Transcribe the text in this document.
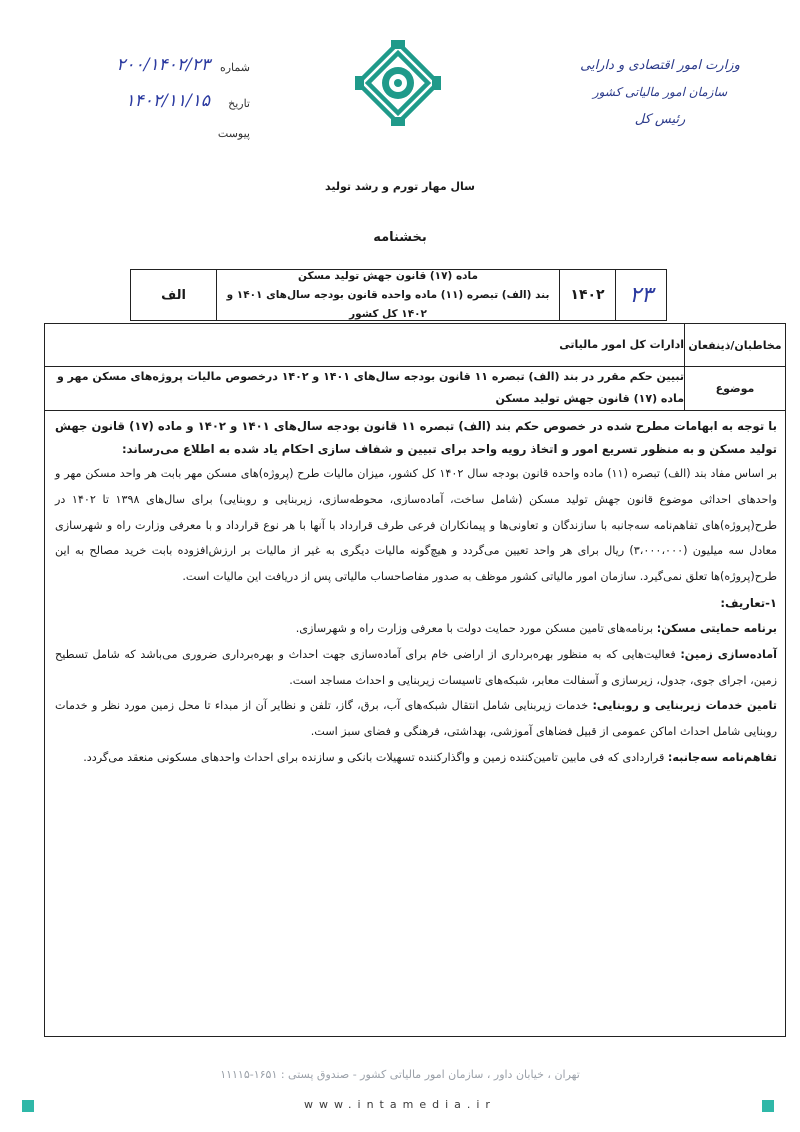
وزارت امور اقتصادی و دارایی
سازمان امور مالیاتی کشور
رئیس کل
شماره
۲۰۰/۱۴۰۲/۲۳
تاریخ
۱۴۰۲/۱۱/۱۵
پیوست
سال مهار تورم و رشد تولید
بخشنامه
۲۳
۱۴۰۲
ماده (۱۷) قانون جهش تولید مسکن
بند (الف) تبصره (۱۱) ماده واحده قانون بودجه سال‌های ۱۴۰۱ و ۱۴۰۲ کل کشور
الف
مخاطبان/ذینفعان
ادارات کل امور مالیاتی
موضوع
تبیین حکم مقرر در بند (الف) تبصره ۱۱ قانون بودجه سال‌های ۱۴۰۱ و ۱۴۰۲ درخصوص مالیات پروژه‌های مسکن مهر و ماده (۱۷) قانون جهش تولید مسکن

با توجه به ابهامات مطرح شده در خصوص حکم بند (الف) تبصره ۱۱ قانون بودجه سال‌های ۱۴۰۱ و ۱۴۰۲ و ماده (۱۷) قانون جهش تولید مسکن و به منظور تسریع امور و اتخاذ رویه واحد برای تبیین و شفاف سازی احکام یاد شده به اطلاع می‌رساند:

بر اساس مفاد بند (الف) تبصره (۱۱) ماده واحده قانون بودجه سال ۱۴۰۲ کل کشور، میزان مالیات طرح (پروژه)های مسکن مهر بابت هر واحد مسکن مهر و واحدهای احداثی موضوع قانون جهش تولید مسکن (شامل ساخت، آماده‌سازی، محوطه‌سازی، زیربنایی و روبنایی) برای سال‌های ۱۳۹۸ تا ۱۴۰۲ در طرح(پروژه)های تفاهم‌نامه سه‌جانبه با سازندگان و تعاونی‌ها و پیمانکاران فرعی طرف قرارداد با آنها با هر نوع قرارداد و با معرفی وزارت راه و شهرسازی معادل سه میلیون (۳،۰۰۰،۰۰۰) ریال برای هر واحد تعیین می‌گردد و هیچ‌گونه مالیات دیگری به غیر از مالیات بر ارزش‌افزوده بابت خرید مصالح به این طرح(پروژه)ها تعلق نمی‌گیرد. سازمان امور مالیاتی کشور موظف به صدور مفاصاحساب مالیاتی پس از دریافت این مالیات است.

۱-تعاریف:

برنامه حمایتی مسکن: برنامه‌های تامین مسکن مورد حمایت دولت با معرفی وزارت راه و شهرسازی.

آماده‌سازی زمین: فعالیت‌هایی که به منظور بهره‌برداری از اراضی خام برای آماده‌سازی جهت احداث و بهره‌برداری ضروری می‌باشد که شامل تسطیح زمین، اجرای جوی، جدول، زیرسازی و آسفالت معابر، شبکه‌های تاسیسات زیربنایی و احداث مساجد است.

تامین خدمات زیربنایی و روبنایی: خدمات زیربنایی شامل انتقال شبکه‌های آب، برق، گاز، تلفن و نظایر آن از مبداء تا محل زمین مورد نظر و خدمات روبنایی شامل احداث اماکن عمومی از قبیل فضاهای آموزشی، بهداشتی، فرهنگی و فضای سبز است.

تفاهم‌نامه سه‌جانبه: قراردادی که فی مابین تامین‌کننده زمین و واگذارکننده تسهیلات بانکی و سازنده برای احداث واحدهای مسکونی منعقد می‌گردد.

تهران ، خیابان داور ، سازمان امور مالیاتی کشور - صندوق پستی : ۱۶۵۱-۱۱۱۱۵
www.intamedia.ir
